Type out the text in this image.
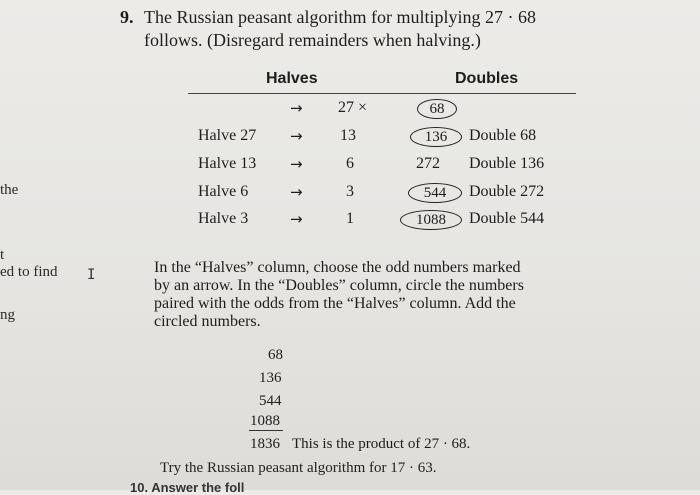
the
t
ed to find I
ng
9. The Russian peasant algorithm for multiplying 27 · 68
follows. (Disregard remainders when halving.)
Halves	Doubles
→ 27 ×	68
Halve 27 → 13	136	Double 68
Halve 13 →	6	272 Double 136
Halve 6	→	3	544	Double 272
Halve 3	→	1	1088	Double 544
In the “Halves” column, choose the odd numbers marked
by an arrow. In the “Doubles” column, circle the numbers
paired with the odds from the “Halves” column. Add the
circled numbers.
68
136
544
1088
1836 This is the product of 27 · 68.
Try the Russian peasant algorithm for 17 · 63.
10. Answer the foll
